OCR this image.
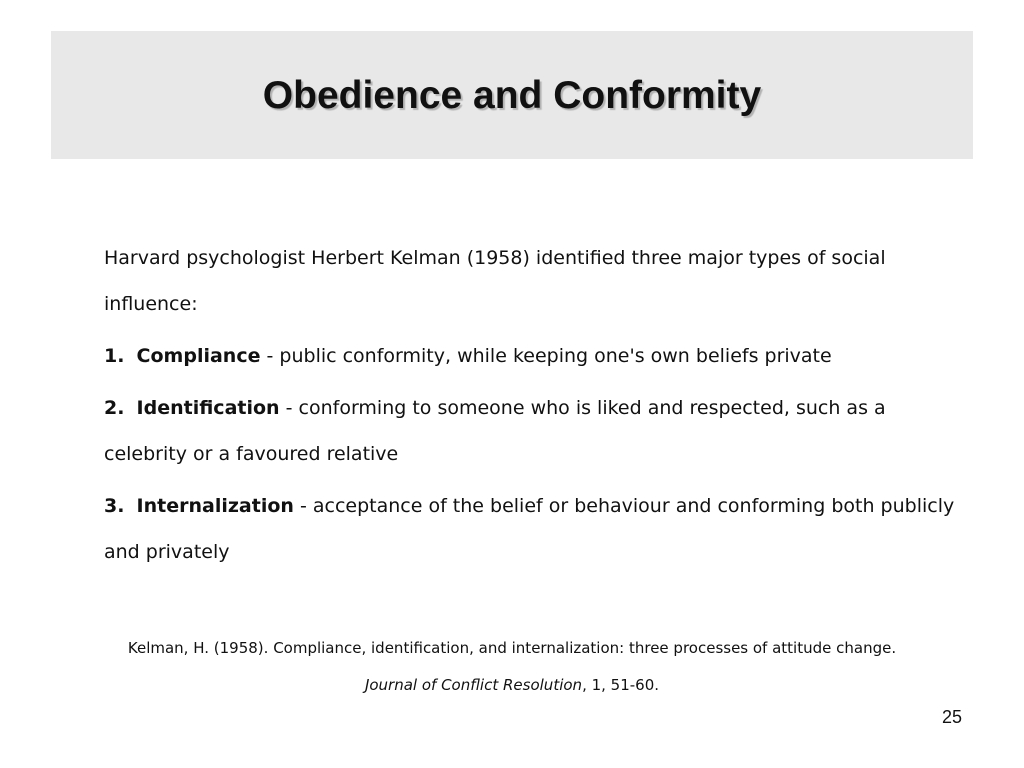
Obedience and Conformity

Harvard psychologist Herbert Kelman (1958) identified three major types of social influence:

1. Compliance - public conformity, while keeping one's own beliefs private

2. Identification - conforming to someone who is liked and respected, such as a celebrity or a favoured relative

3. Internalization - acceptance of the belief or behaviour and conforming both publicly and privately

Kelman, H. (1958). Compliance, identification, and internalization: three processes of attitude change.
Journal of Conflict Resolution, 1, 51-60.
25
